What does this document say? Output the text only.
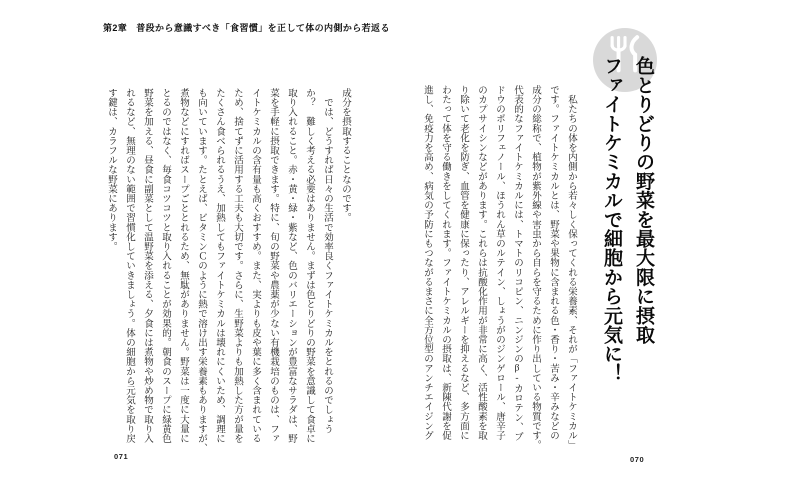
第2章 普段から意識すべき「食習慣」を正して体の内側から若返る
色とりどりの野菜を最大限に摂取
ファイトケミカルで細胞から元気に！
　私たちの体を内側から若々しく保ってくれる栄養素、それが「ファイトケミカル」
です。ファイトケミカルとは、野菜や果物に含まれる色・香り・苦み・辛みなどの
成分の総称で、植物が紫外線や害虫から自らを守るために作り出している物質です。
代表的なファイトケミカルには、トマトのリコピン、ニンジンのβ-カロテン、ブ
ドウのポリフェノール、ほうれん草のルテイン、しょうがのジンゲロール、唐辛子
のカプサイシンなどがあります。これらは抗酸化作用が非常に高く、活性酸素を取
り除いて老化を防ぎ、血管を健康に保ったり、アレルギーを抑えるなど、多方面に
わたって体を守る働きをしてくれます。ファイトケミカルの摂取は、新陳代謝を促
進し、免疫力を高め、病気の予防にもつながるまさに全方位型のアンチエイジング
成分を摂取することなのです。
　では、どうすれば日々の生活で効率良くファイトケミカルをとれるのでしょう
か？　難しく考える必要はありません。まずは色とりどりの野菜を意識して食卓に
取り入れること。赤・黄・緑・紫など、色のバリエーションが豊富なサラダは、野
菜を手軽に摂取できます。特に、旬の野菜や農薬が少ない有機栽培のものは、ファ
イトケミカルの含有量も高くおすすめ。また、実よりも皮や葉に多く含まれている
ため、捨てずに活用する工夫も大切です。さらに、生野菜よりも加熱した方が量を
たくさん食べられるうえ、加熱してもファイトケミカルは壊れにくいため、調理に
も向いています。たとえば、ビタミンＣのように熱で溶け出す栄養素もありますが、
煮物などにすればスープごととれるため、無駄がありません。野菜は一度に大量に
とるのではなく、毎食コツコツと取り入れることが効果的。朝食のスープに緑黄色
野菜を加える、昼食に副菜として温野菜を添える、夕食には煮物や炒め物で取り入
れるなど、無理のない範囲で習慣化していきましょう。体の細胞から元気を取り戻
す鍵は、カラフルな野菜にあります。
071	070
